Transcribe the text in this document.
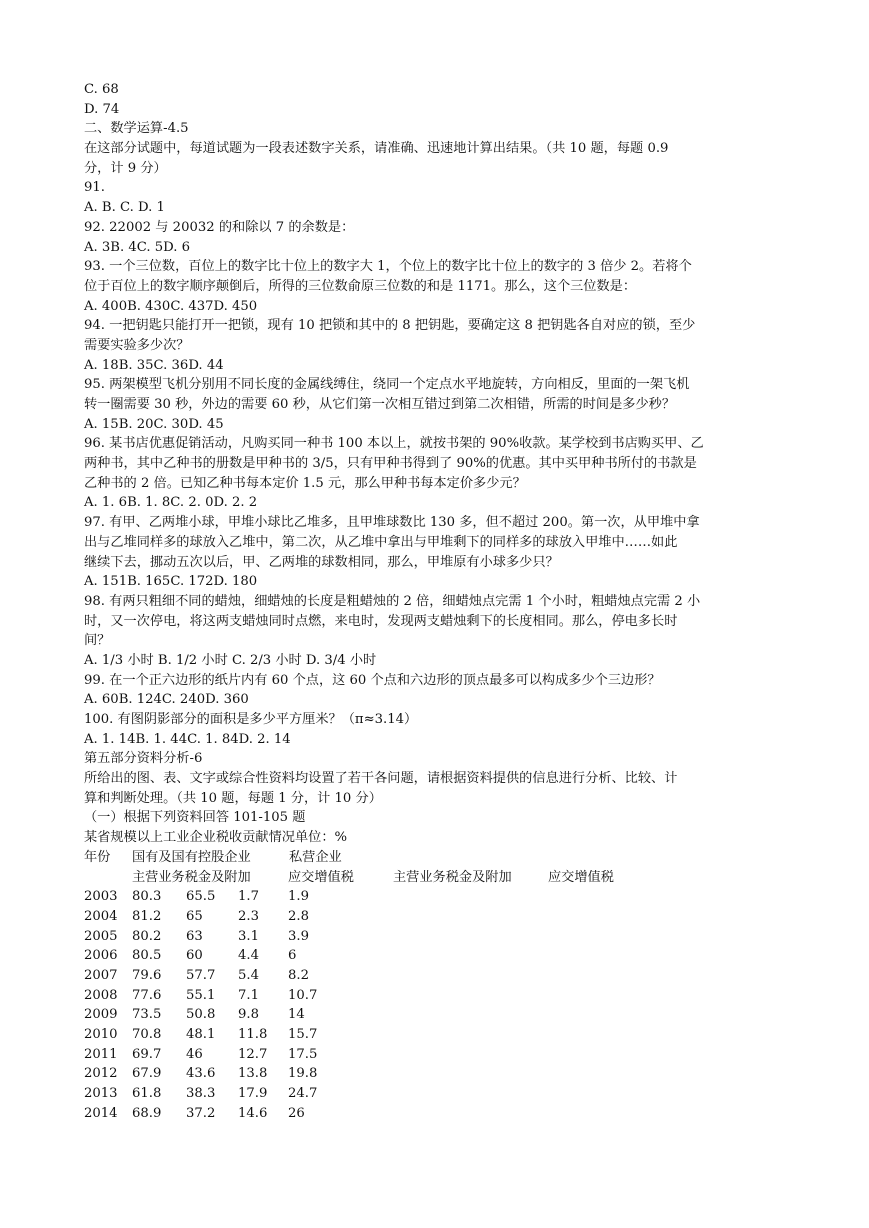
C. 68
D. 74
二、数学运算-4.5
在这部分试题中，每道试题为一段表述数字关系，请准确、迅速地计算出结果。（共 10 题，每题 0.9
分，计 9 分）
91.
A. B. C. D. 1
92. 22002 与 20032 的和除以 7 的余数是：
A. 3B. 4C. 5D. 6
93. 一个三位数，百位上的数字比十位上的数字大 1，个位上的数字比十位上的数字的 3 倍少 2。若将个
位于百位上的数字顺序颠倒后，所得的三位数俞原三位数的和是 1171。那么，这个三位数是：
A. 400B. 430C. 437D. 450
94. 一把钥匙只能打开一把锁，现有 10 把锁和其中的 8 把钥匙，要确定这 8 把钥匙各自对应的锁，至少
需要实验多少次？
A. 18B. 35C. 36D. 44
95. 两架模型飞机分别用不同长度的金属线缚住，绕同一个定点水平地旋转，方向相反，里面的一架飞机
转一圈需要 30 秒，外边的需要 60 秒，从它们第一次相互错过到第二次相错，所需的时间是多少秒？
A. 15B. 20C. 30D. 45
96. 某书店优惠促销活动，凡购买同一种书 100 本以上，就按书架的 90%收款。某学校到书店购买甲、乙
两种书，其中乙种书的册数是甲种书的 3/5，只有甲种书得到了 90%的优惠。其中买甲种书所付的书款是
乙种书的 2 倍。已知乙种书每本定价 1.5 元，那么甲种书每本定价多少元？
A. 1. 6B. 1. 8C. 2. 0D. 2. 2
97. 有甲、乙两堆小球，甲堆小球比乙堆多，且甲堆球数比 130 多，但不超过 200。第一次，从甲堆中拿
出与乙堆同样多的球放入乙堆中，第二次，从乙堆中拿出与甲堆剩下的同样多的球放入甲堆中……如此
继续下去，挪动五次以后，甲、乙两堆的球数相同，那么，甲堆原有小球多少只？
A. 151B. 165C. 172D. 180
98. 有两只粗细不同的蜡烛，细蜡烛的长度是粗蜡烛的 2 倍，细蜡烛点完需 1 个小时，粗蜡烛点完需 2 小
时，又一次停电，将这两支蜡烛同时点燃，来电时，发现两支蜡烛剩下的长度相同。那么，停电多长时
间？
A. 1/3 小时 B. 1/2 小时 C. 2/3 小时 D. 3/4 小时
99. 在一个正六边形的纸片内有 60 个点，这 60 个点和六边形的顶点最多可以构成多少个三边形？
A. 60B. 124C. 240D. 360
100. 有图阴影部分的面积是多少平方厘米？（π≈3.14）
A. 1. 14B. 1. 44C. 1. 84D. 2. 14
第五部分资料分析-6
所给出的图、表、文字或综合性资料均设置了若干各问题，请根据资料提供的信息进行分析、比较、计
算和判断处理。（共 10 题，每题 1 分，计 10 分）
（一）根据下列资料回答 101-105 题
某省规模以上工业企业税收贡献情况单位：%
年份 国有及国有控股企业	私营企业
主营业务税金及附加	应交增值税	主营业务税金及附加	应交增值税
2003 80.3 65.5 1.7 1.9
2004 81.2 65	2.3 2.8
2005 80.2 63	3.1 3.9
2006 80.5 60	4.4 6
2007 79.6 57.7 5.4 8.2
2008 77.6 55.1 7.1 10.7
2009 73.5 50.8 9.8 14
2010 70.8 48.1 11.8 15.7
2011 69.7 46	12.7 17.5
2012 67.9 43.6 13.8 19.8
2013 61.8 38.3 17.9 24.7
2014 68.9 37.2 14.6 26
